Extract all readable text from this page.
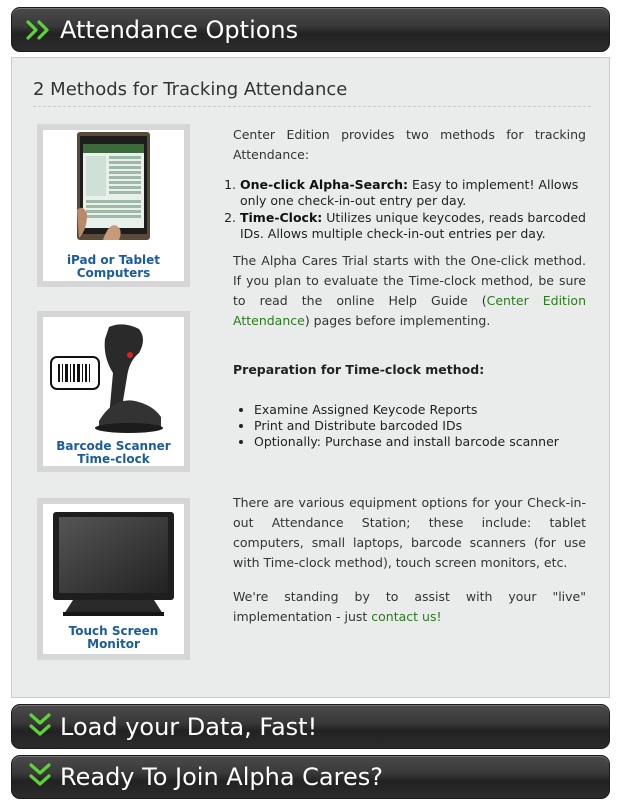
Attendance Options
2 Methods for Tracking Attendance
iPad or Tablet
Computers
Barcode Scanner
Time-clock
Touch Screen
Monitor
Center Edition provides two methods for tracking Attendance:
1. One-click Alpha-Search: Easy to implement! Allows only one check-in-out entry per day.
2. Time-Clock: Utilizes unique keycodes, reads barcoded IDs. Allows multiple check-in-out entries per day.
The Alpha Cares Trial starts with the One-click method. If you plan to evaluate the Time-clock method, be sure to read the online Help Guide (Center Edition Attendance) pages before implementing.
Preparation for Time-clock method:
• Examine Assigned Keycode Reports
• Print and Distribute barcoded IDs
• Optionally: Purchase and install barcode scanner
There are various equipment options for your Check-in-out Attendance Station; these include: tablet computers, small laptops, barcode scanners (for use with Time-clock method), touch screen monitors, etc.
We're standing by to assist with your "live" implementation - just contact us!
Load your Data, Fast!
Ready To Join Alpha Cares?
